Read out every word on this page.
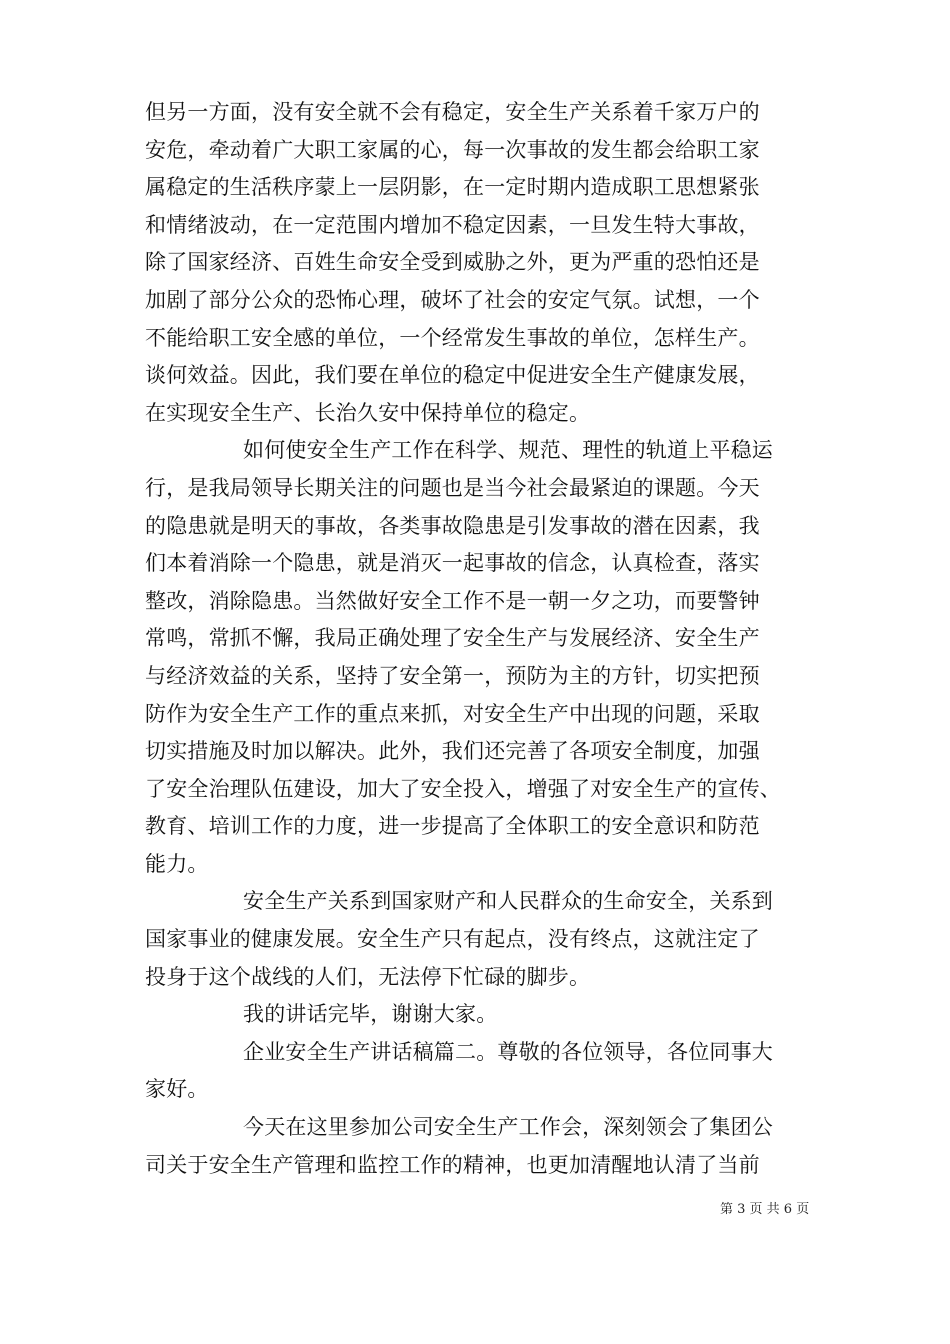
但另一方面，没有安全就不会有稳定，安全生产关系着千家万户的
安危，牵动着广大职工家属的心，每一次事故的发生都会给职工家
属稳定的生活秩序蒙上一层阴影，在一定时期内造成职工思想紧张
和情绪波动，在一定范围内增加不稳定因素，一旦发生特大事故，
除了国家经济、百姓生命安全受到威胁之外，更为严重的恐怕还是
加剧了部分公众的恐怖心理，破坏了社会的安定气氛。试想，一个
不能给职工安全感的单位，一个经常发生事故的单位，怎样生产。
谈何效益。因此，我们要在单位的稳定中促进安全生产健康发展，
在实现安全生产、长治久安中保持单位的稳定。
如何使安全生产工作在科学、规范、理性的轨道上平稳运
行，是我局领导长期关注的问题也是当今社会最紧迫的课题。今天
的隐患就是明天的事故，各类事故隐患是引发事故的潜在因素，我
们本着消除一个隐患，就是消灭一起事故的信念，认真检查，落实
整改，消除隐患。当然做好安全工作不是一朝一夕之功，而要警钟
常鸣，常抓不懈，我局正确处理了安全生产与发展经济、安全生产
与经济效益的关系，坚持了安全第一，预防为主的方针，切实把预
防作为安全生产工作的重点来抓，对安全生产中出现的问题，采取
切实措施及时加以解决。此外，我们还完善了各项安全制度，加强
了安全治理队伍建设，加大了安全投入，增强了对安全生产的宣传、
教育、培训工作的力度，进一步提高了全体职工的安全意识和防范
能力。
安全生产关系到国家财产和人民群众的生命安全，关系到
国家事业的健康发展。安全生产只有起点，没有终点，这就注定了
投身于这个战线的人们，无法停下忙碌的脚步。
我的讲话完毕，谢谢大家。
企业安全生产讲话稿篇二。尊敬的各位领导，各位同事大
家好。
今天在这里参加公司安全生产工作会，深刻领会了集团公
司关于安全生产管理和监控工作的精神，也更加清醒地认清了当前
第 3 页 共 6 页
